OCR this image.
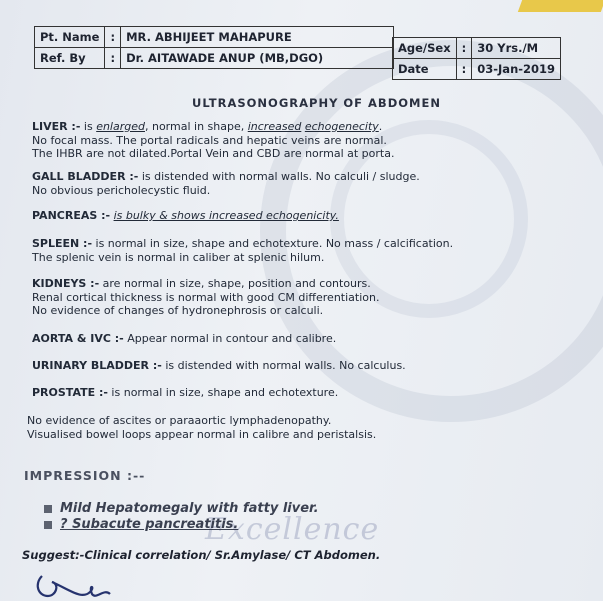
Excellence
Pt. Name	:	MR. ABHIJEET MAHAPURE
Ref. By	:	Dr. AITAWADE ANUP (MB,DGO)
Age/Sex	:	30 Yrs./M
Date	:	03-Jan-2019
ULTRASONOGRAPHY OF ABDOMEN
LIVER :- is enlarged, normal in shape, increased echogenecity.
No focal mass. The portal radicals and hepatic veins are normal.
The IHBR are not dilated.Portal Vein and CBD are normal at porta.
GALL BLADDER :- is distended with normal walls. No calculi / sludge.
No obvious pericholecystic fluid.
PANCREAS :- is bulky & shows increased echogenicity.
SPLEEN :- is normal in size, shape and echotexture. No mass / calcification.
The splenic vein is normal in caliber at splenic hilum.
KIDNEYS :- are normal in size, shape, position and contours.
Renal cortical thickness is normal with good CM differentiation.
No evidence of changes of hydronephrosis or calculi.
AORTA & IVC :- Appear normal in contour and calibre.
URINARY BLADDER :- is distended with normal walls. No calculus.
PROSTATE :- is normal in size, shape and echotexture.
No evidence of ascites or paraaortic lymphadenopathy.
Visualised bowel loops appear normal in calibre and peristalsis.
IMPRESSION :--
Mild Hepatomegaly with fatty liver.
? Subacute pancreatitis.
Suggest:-Clinical correlation/ Sr.Amylase/ CT Abdomen.
